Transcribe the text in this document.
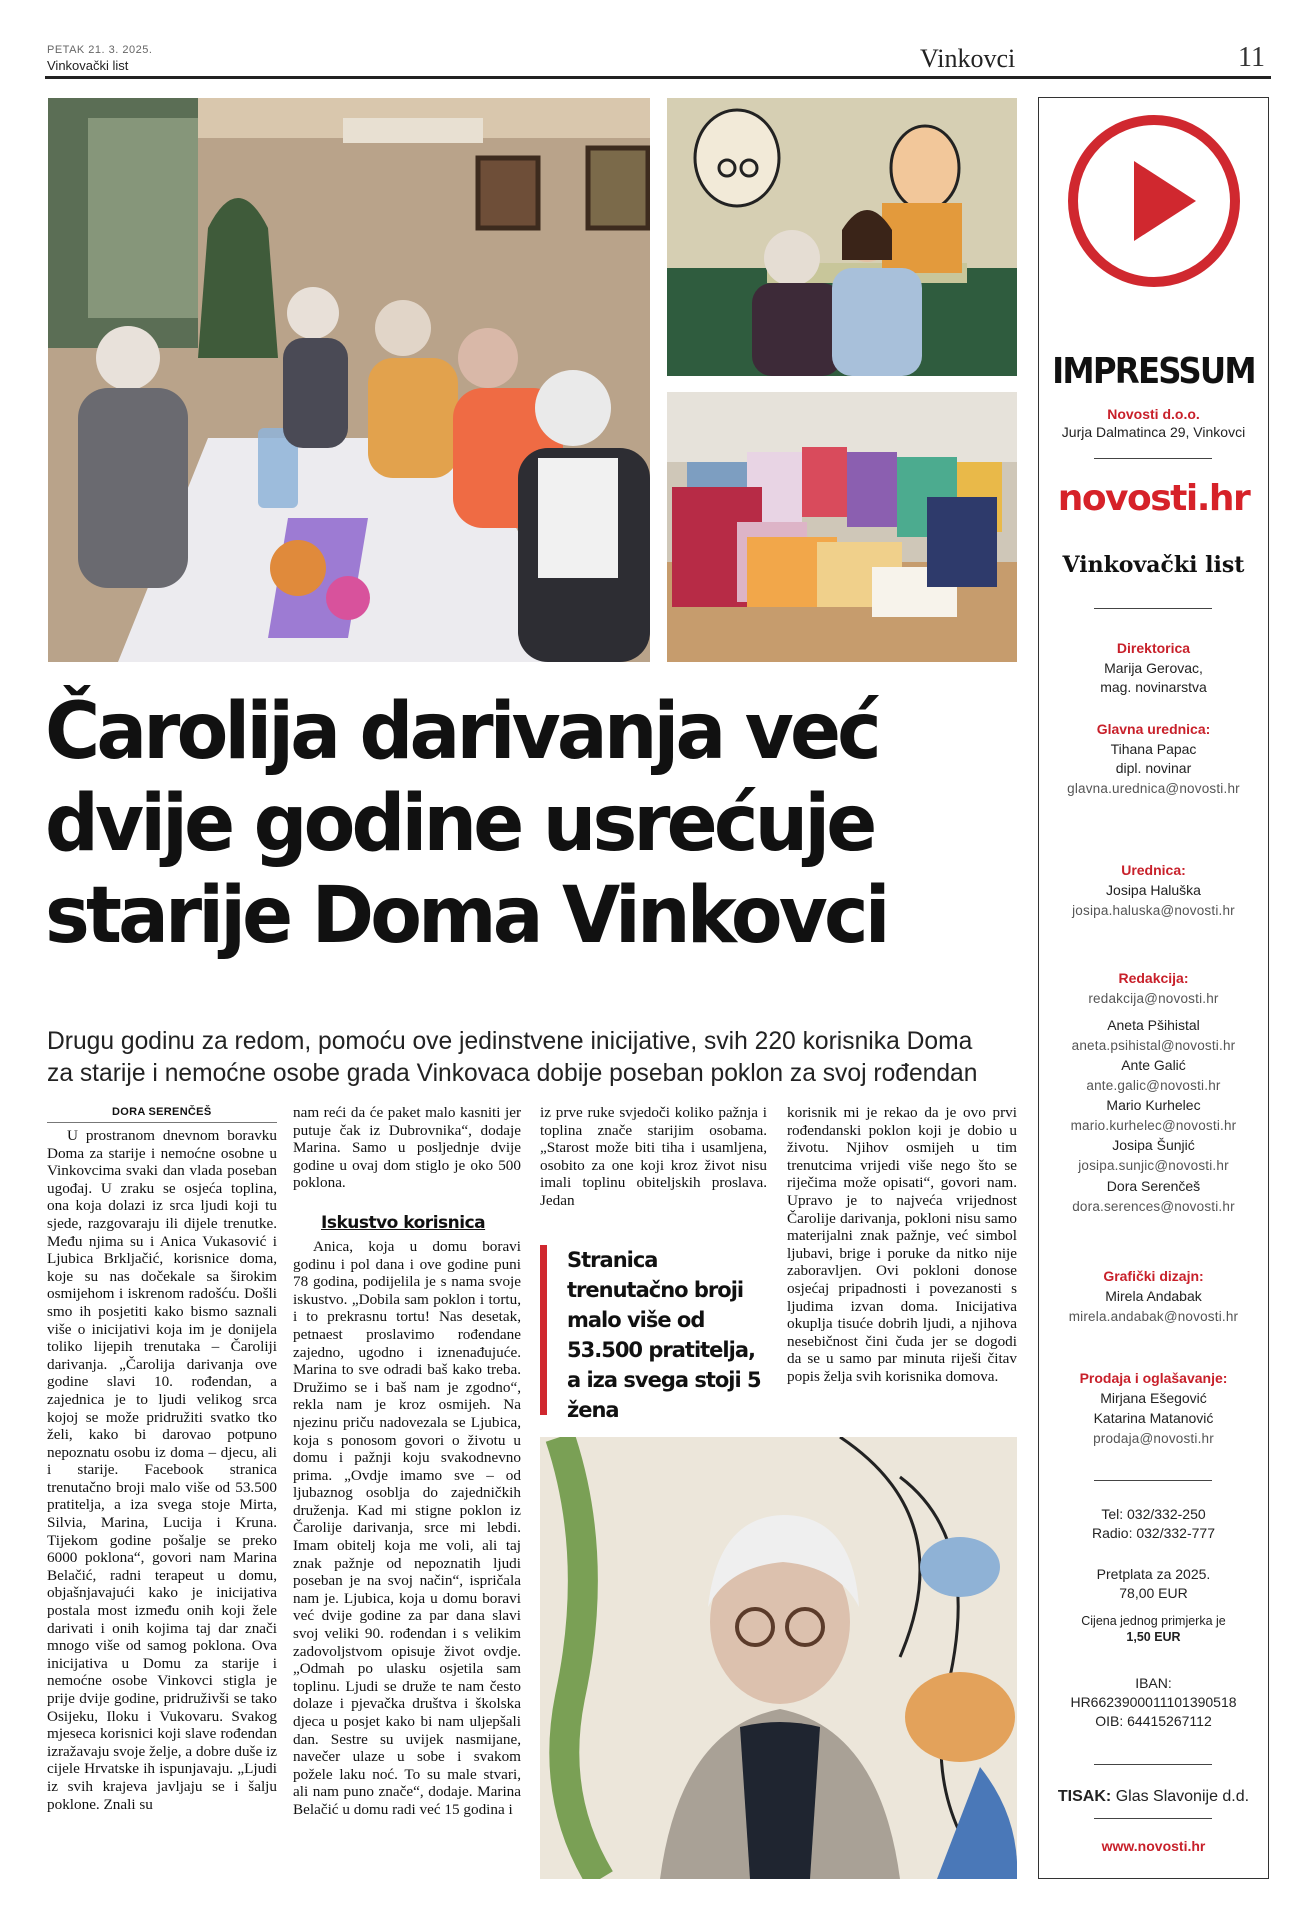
PETAK 21. 3. 2025.
Vinkovački list	Vinkovci	11
Čarolija darivanja već
dvije godine usrećuje
starije Doma Vinkovci
Drugu godinu za redom, pomoću ove jedinstvene inicijative, svih 220 korisnika Doma
za starije i nemoćne osobe grada Vinkovaca dobije poseban poklon za svoj rođendan
DORA SERENČEŠ

U prostranom dnevnom boravku Doma za starije i nemoćne osobne u Vinkovcima svaki dan vlada poseban ugođaj. U zraku se osjeća toplina, ona koja dolazi iz srca ljudi koji tu sjede, razgovaraju ili dijele trenutke. Među njima su i Anica Vukasović i Ljubica Brkljačić, korisnice doma, koje su nas dočekale sa širokim osmijehom i iskrenom radošću. Došli smo ih posjetiti kako bismo saznali više o inicijativi koja im je donijela toliko lijepih trenutaka – Čaroliji darivanja. „Čarolija darivanja ove godine slavi 10. rođendan, a zajednica je to ljudi velikog srca kojoj se može pridružiti svatko tko želi, kako bi darovao potpuno nepoznatu osobu iz doma – djecu, ali i starije. Facebook stranica trenutačno broji malo više od 53.500 pratitelja, a iza svega stoje Mirta, Silvia, Marina, Lucija i Kruna. Tijekom godine pošalje se preko 6000 poklona“, govori nam Marina Belačić, radni terapeut u domu, objašnjavajući kako je inicijativa postala most između onih koji žele darivati i onih kojima taj dar znači mnogo više od samog poklona. Ova inicijativa u Domu za starije i nemoćne osobe Vinkovci stigla je prije dvije godine, pridruživši se tako Osijeku, Iloku i Vukovaru. Svakog mjeseca korisnici koji slave rođendan izražavaju svoje želje, a dobre duše iz cijele Hrvatske ih ispunjavaju. „Ljudi iz svih krajeva javljaju se i šalju poklone. Znali su

nam reći da će paket malo kasniti jer putuje čak iz Dubrovnika“, dodaje Marina. Samo u posljednje dvije godine u ovaj dom stiglo je oko 500 poklona.

Anica, koja u domu boravi godinu i pol dana i ove godine puni 78 godina, podijelila je s nama svoje iskustvo. „Dobila sam poklon i tortu, i to prekrasnu tortu! Nas desetak, petnaest proslavimo rođendane zajedno, ugodno i iznenađujuće. Marina to sve odradi baš kako treba. Družimo se i baš nam je zgodno“, rekla nam je kroz osmijeh. Na njezinu priču nadovezala se Ljubica, koja s ponosom govori o životu u domu i pažnji koju svakodnevno prima. „Ovdje imamo sve – od ljubaznog osoblja do zajedničkih druženja. Kad mi stigne poklon iz Čarolije darivanja, srce mi lebdi. Imam obitelj koja me voli, ali taj znak pažnje od nepoznatih ljudi poseban je na svoj način“, ispričala nam je. Ljubica, koja u domu boravi već dvije godine za par dana slavi svoj veliki 90. rođendan i s velikim zadovoljstvom opisuje život ovdje. „Odmah po ulasku osjetila sam toplinu. Ljudi se druže te nam često dolaze i pjevačka društva i školska djeca u posjet kako bi nam uljepšali dan. Sestre su uvijek nasmijane, navečer ulaze u sobe i svakom požele laku noć. To su male stvari, ali nam puno znače“, dodaje. Marina Belačić u domu radi već 15 godina i

Iskustvo korisnica

iz prve ruke svjedoči koliko pažnja i toplina znače starijim osobama. „Starost može biti tiha i usamljena, osobito za one koji kroz život nisu imali toplinu obiteljskih proslava. Jedan

Stranica trenutačno broji malo više od 53.500 pratitelja, a iza svega stoji 5 žena

korisnik mi je rekao da je ovo prvi rođendanski poklon koji je dobio u životu. Njihov osmijeh u tim trenutcima vrijedi više nego što se riječima može opisati“, govori nam. Upravo je to najveća vrijednost Čarolije darivanja, pokloni nisu samo materijalni znak pažnje, već simbol ljubavi, brige i poruke da nitko nije zaboravljen. Ovi pokloni donose osjećaj pripadnosti i povezanosti s ljudima izvan doma. Inicijativa okuplja tisuće dobrih ljudi, a njihova nesebičnost čini čuda jer se dogodi da se u samo par minuta riješi čitav popis želja svih korisnika domova.

IMPRESSUM
Novosti d.o.o.
Jurja Dalmatinca 29, Vinkovci
novosti.hr
Vinkovački list
Direktorica
Marija Gerovac,
mag. novinarstva
Glavna urednica:
Tihana Papac
dipl. novinar
glavna.urednica@novosti.hr
Urednica:
Josipa Haluška
josipa.haluska@novosti.hr
Redakcija:
redakcija@novosti.hr
Aneta Pšihistal
aneta.psihistal@novosti.hr
Ante Galić
ante.galic@novosti.hr
Mario Kurhelec
mario.kurhelec@novosti.hr
Josipa Šunjić
josipa.sunjic@novosti.hr
Dora Serenčeš
dora.serences@novosti.hr
Grafički dizajn:
Mirela Andabak
mirela.andabak@novosti.hr
Prodaja i oglašavanje:
Mirjana Ešegović
Katarina Matanović
prodaja@novosti.hr
Tel: 032/332-250
Radio: 032/332-777
Pretplata za 2025.
78,00 EUR
Cijena jednog primjerka je
1,50 EUR
IBAN:
HR6623900011101390518
OIB: 64415267112
TISAK: Glas Slavonije d.d.
www.novosti.hr
